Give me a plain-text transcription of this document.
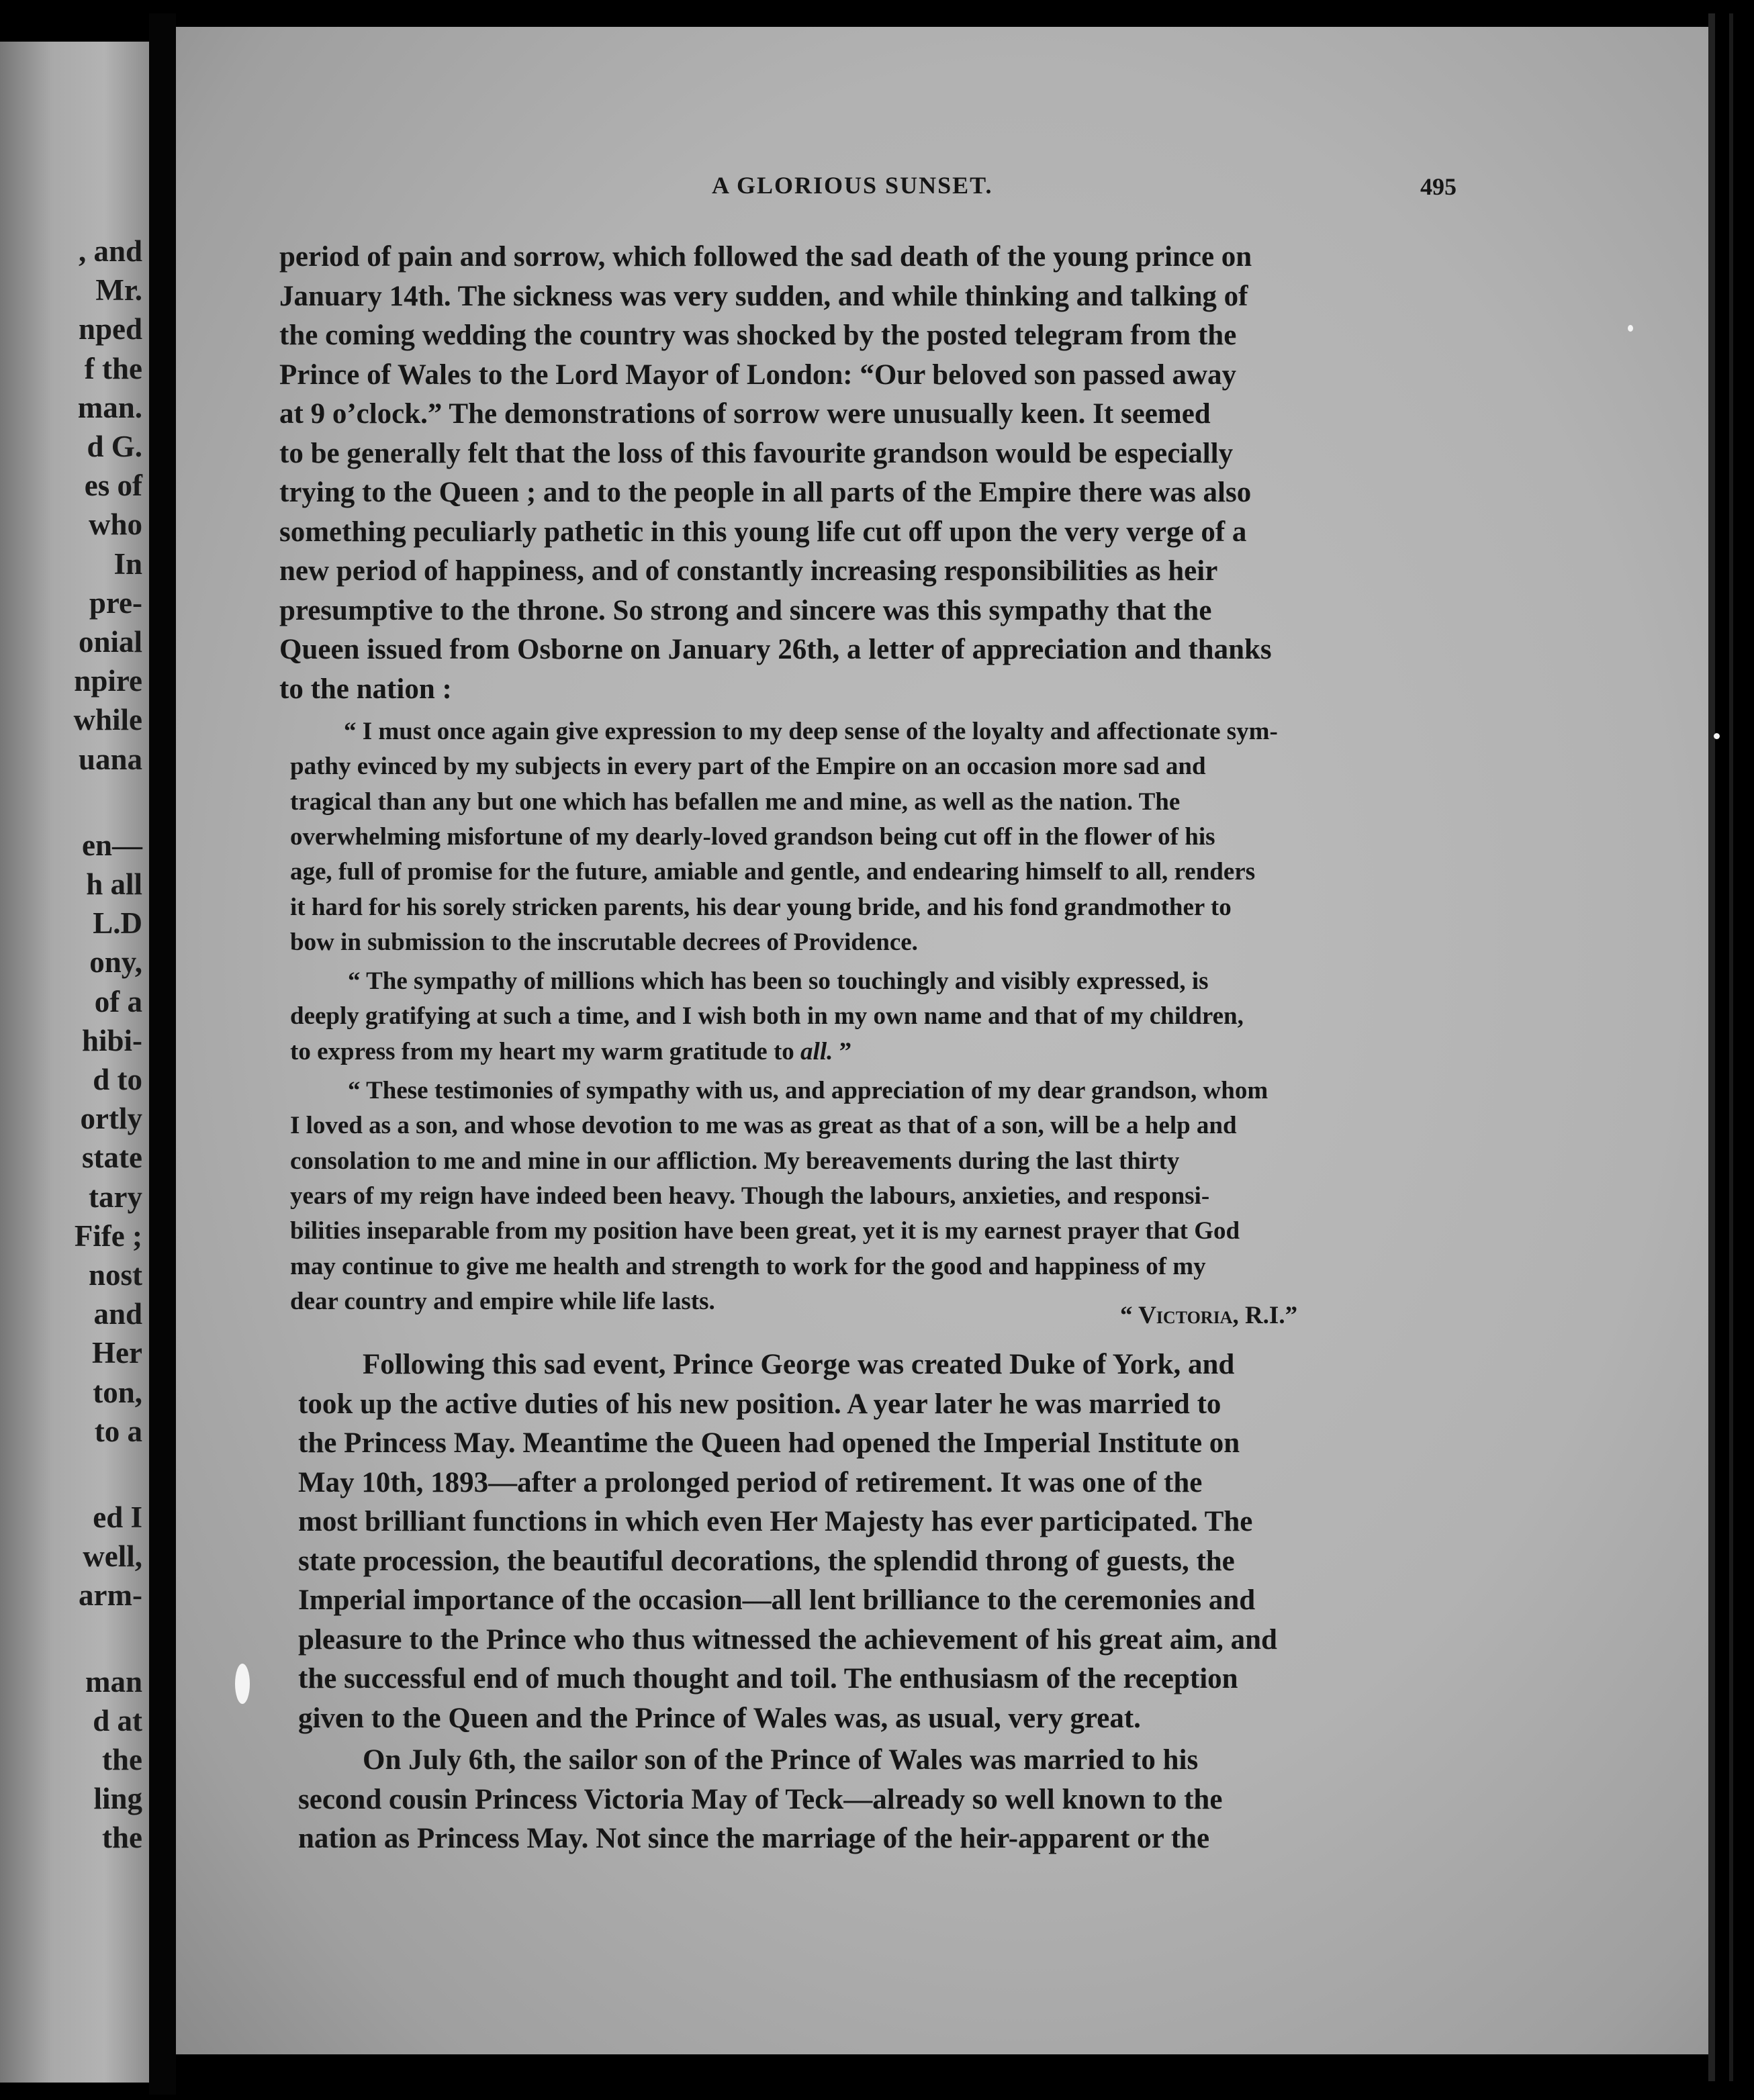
, and
Mr.
nped
f the
man.
d G.
es of
who
In
pre-
onial
npire
while
uana
en—
h all
L.D
ony,
of a
hibi-
d to
ortly
state
tary
Fife ;
nost
and
Her
ton,
to a
ed I
well,
arm-
man
d at
the
ling
the
A GLORIOUS SUNSET.	495
period of pain and sorrow, which followed the sad death of the young prince on
January 14th. The sickness was very sudden, and while thinking and talking of
the coming wedding the country was shocked by the posted telegram from the
Prince of Wales to the Lord Mayor of London: “Our beloved son passed away
at 9 o’clock.” The demonstrations of sorrow were unusually keen. It seemed
to be generally felt that the loss of this favourite grandson would be especially
trying to the Queen ; and to the people in all parts of the Empire there was also
something peculiarly pathetic in this young life cut off upon the very verge of a
new period of happiness, and of constantly increasing responsibilities as heir
presumptive to the throne. So strong and sincere was this sympathy that the
Queen issued from Osborne on January 26th, a letter of appreciation and thanks
to the nation :
“ I must once again give expression to my deep sense of the loyalty and affectionate sym-
pathy evinced by my subjects in every part of the Empire on an occasion more sad and
tragical than any but one which has befallen me and mine, as well as the nation. The
overwhelming misfortune of my dearly-loved grandson being cut off in the flower of his
age, full of promise for the future, amiable and gentle, and endearing himself to all, renders
it hard for his sorely stricken parents, his dear young bride, and his fond grandmother to
bow in submission to the inscrutable decrees of Providence.
“ The sympathy of millions which has been so touchingly and visibly expressed, is
deeply gratifying at such a time, and I wish both in my own name and that of my children,
to express from my heart my warm gratitude to all. ”
“ These testimonies of sympathy with us, and appreciation of my dear grandson, whom
I loved as a son, and whose devotion to me was as great as that of a son, will be a help and
consolation to me and mine in our affliction. My bereavements during the last thirty
years of my reign have indeed been heavy. Though the labours, anxieties, and responsi-
bilities inseparable from my position have been great, yet it is my earnest prayer that God
may continue to give me health and strength to work for the good and happiness of my
dear country and empire while life lasts.
“ Victoria, R.I.”
Following this sad event, Prince George was created Duke of York, and
took up the active duties of his new position. A year later he was married to
the Princess May. Meantime the Queen had opened the Imperial Institute on
May 10th, 1893—after a prolonged period of retirement. It was one of the
most brilliant functions in which even Her Majesty has ever participated. The
state procession, the beautiful decorations, the splendid throng of guests, the
Imperial importance of the occasion—all lent brilliance to the ceremonies and
pleasure to the Prince who thus witnessed the achievement of his great aim, and
the successful end of much thought and toil. The enthusiasm of the reception
given to the Queen and the Prince of Wales was, as usual, very great.
On July 6th, the sailor son of the Prince of Wales was married to his
second cousin Princess Victoria May of Teck—already so well known to the
nation as Princess May. Not since the marriage of the heir-apparent or the
